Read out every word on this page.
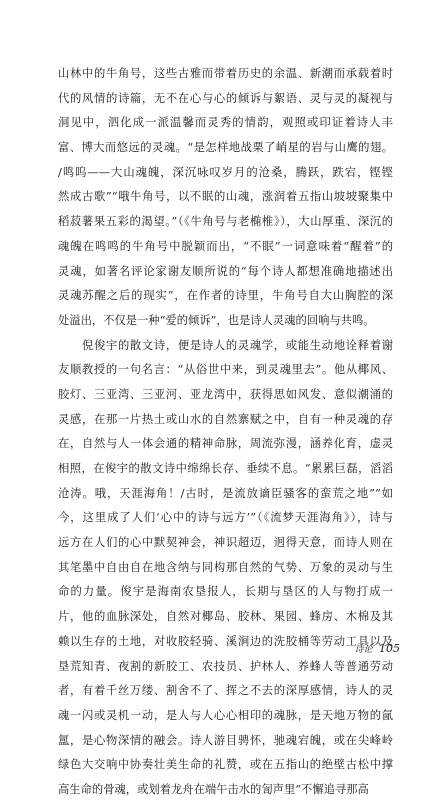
山林中的牛角号，这些古雅而带着历史的余温、新潮而承载着时
代的风情的诗篇，无不在心与心的倾诉与絮语、灵与灵的凝视与
洞见中，泗化成一派温馨而灵秀的情韵，观照或印证着诗人丰
富、博大而悠远的灵魂。“是怎样地战栗了峭星的岩与山鹰的翅。
/鸣呜——大山魂魄，深沉咏叹岁月的沧桑，腾跃，跌宕，铿铿
然成古歌”“哦牛角号，以不眠的山魂，涨润着五指山坡坡聚集中
稻菽薯果五彩的渴望。”（《牛角号与老椭椎》），大山厚重、深沉的
魂魄在鸣鸣的牛角号中脱颖而出，“不眠”一词意味着“醒着”的
灵魂，如著名评论家谢友顺所说的“每个诗人都想准确地描述出
灵魂苏醒之后的现实”，在作者的诗里，牛角号自大山胸腔的深
处溢出，不仅是一种“爱的倾诉”，也是诗人灵魂的回响与共鸣。
　　倪俊宇的散文诗，便是诗人的灵魂学，或能生动地诠释着谢
友顺教授的一句名言：“从俗世中来，到灵魂里去”。他从椰风、
胶灯、三亚湾、三亚河、亚龙湾中，获得思如风发、意似潮涌的
灵感，在那一片热土或山水的自然寨赋之中，自有一种灵魂的存
在，自然与人一体会通的精神命脉，周流弥漫，涵养化育，虚灵
相照，在俊宇的散文诗中绵绵长存、垂续不息。“累累巨磊，滔滔
沧涛。哦，天涯海角！/古时，是流放谪臣骚客的蛮荒之地”“如
今，这里成了人们‘心中的诗与远方’”（《流梦天涯海角》），诗与
远方在人们的心中默契神会，神识超迈，迥得天意，而诗人则在
其笔墨中自由自在地含纳与同构那自然的气势、万象的灵动与生
命的力量。俊宇是海南农垦报人，长期与垦区的人与物打成一
片，他的血脉深处，自然对椰岛、胶林、果园、蜂房、木棉及其
赖以生存的土地，对收胶轻骑、溪涧边的洗胶桶等劳动工具以及
垦荒知青、夜割的新胶工、农技员、护林人、养蜂人等普通劳动
者，有着千丝万缕、割舍不了、挥之不去的深厚感情，诗人的灵
魂一闪或灵机一动，是人与人心心相印的魂脉，是天地万物的氤
氲，是心物深情的融会。诗人游目骋怀，驰魂宕魄，或在尖峰岭
绿色大交响中协奏壮美生命的礼赞，或在五指山的绝壁古松中撑
高生命的骨魂，或划着龙舟在端午击水的訇声里“不懈追寻那高
诗论 105
